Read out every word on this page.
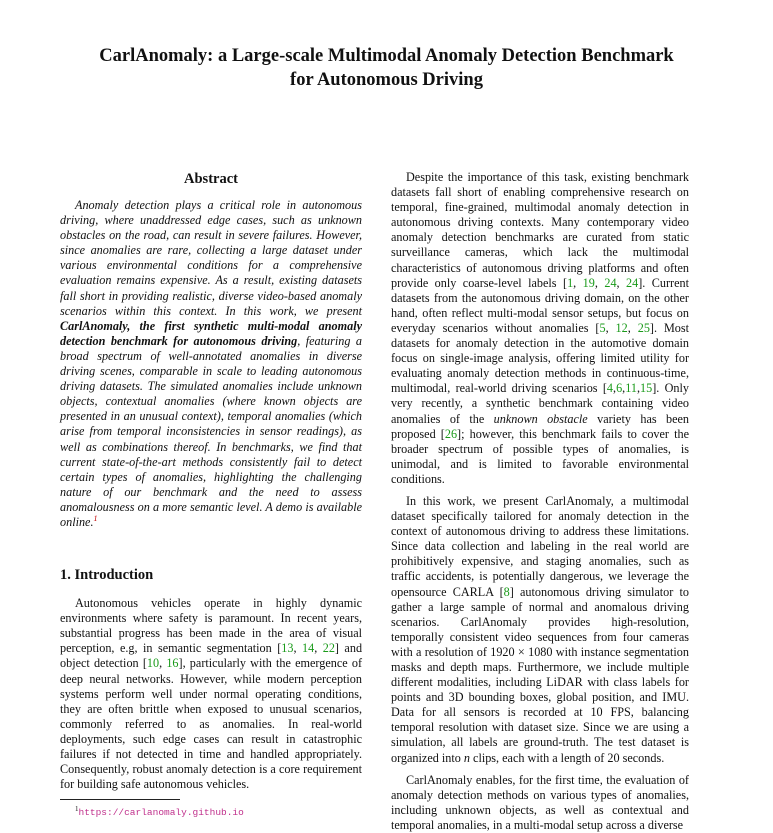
CarlAnomaly: a Large-scale Multimodal Anomaly Detection Benchmark
for Autonomous Driving
Abstract

Anomaly detection plays a critical role in autonomous driving, where unaddressed edge cases, such as unknown obstacles on the road, can result in severe failures. However, since anomalies are rare, collecting a large dataset under various environmental conditions for a comprehensive evaluation remains expensive. As a result, existing datasets fall short in providing realistic, diverse video-based anomaly scenarios within this context. In this work, we present CarlAnomaly, the first synthetic multi-modal anomaly detection benchmark for autonomous driving, featuring a broad spectrum of well-annotated anomalies in diverse driving scenes, comparable in scale to leading autonomous driving datasets. The simulated anomalies include unknown objects, contextual anomalies (where known objects are presented in an unusual context), temporal anomalies (which arise from temporal inconsistencies in sensor readings), as well as combinations thereof. In benchmarks, we find that current state-of-the-art methods consistently fail to detect certain types of anomalies, highlighting the challenging nature of our benchmark and the need to assess anomalousness on a more semantic level. A demo is available online.$^1$

1. Introduction

Autonomous vehicles operate in highly dynamic environments where safety is paramount. In recent years, substantial progress has been made in the area of visual perception, e.g, in semantic segmentation [13, 14, 22] and object detection [10, 16], particularly with the emergence of deep neural networks. However, while modern perception systems perform well under normal operating conditions, they are often brittle when exposed to unusual scenarios, commonly referred to as anomalies. In real-world deployments, such edge cases can result in catastrophic failures if not detected in time and handled appropriately. Consequently, robust anomaly detection is a core requirement for building safe autonomous vehicles.

Despite the importance of this task, existing benchmark datasets fall short of enabling comprehensive research on temporal, fine-grained, multimodal anomaly detection in autonomous driving contexts. Many contemporary video anomaly detection benchmarks are curated from static surveillance cameras, which lack the multimodal characteristics of autonomous driving platforms and often provide only coarse-level labels [1, 19, 24, 24]. Current datasets from the autonomous driving domain, on the other hand, often reflect multi-modal sensor setups, but focus on everyday scenarios without anomalies [5, 12, 25]. Most datasets for anomaly detection in the automotive domain focus on single-image analysis, offering limited utility for evaluating anomaly detection methods in continuous-time, multimodal, real-world driving scenarios [4,6,11,15]. Only very recently, a synthetic benchmark containing video anomalies of the unknown obstacle variety has been proposed [26]; however, this benchmark fails to cover the broader spectrum of possible types of anomalies, is unimodal, and is limited to favorable environmental conditions.

In this work, we present CarlAnomaly, a multimodal dataset specifically tailored for anomaly detection in the context of autonomous driving to address these limitations. Since data collection and labeling in the real world are prohibitively expensive, and staging anomalies, such as traffic accidents, is potentially dangerous, we leverage the opensource CARLA [8] autonomous driving simulator to gather a large sample of normal and anomalous driving scenarios. CarlAnomaly provides high-resolution, temporally consistent video sequences from four cameras with a resolution of 1920 × 1080 with instance segmentation masks and depth maps. Furthermore, we include multiple different modalities, including LiDAR with class labels for points and 3D bounding boxes, global position, and IMU. Data for all sensors is recorded at 10 FPS, balancing temporal resolution with dataset size. Since we are using a simulation, all labels are ground-truth. The test dataset is organized into n clips, each with a length of 20 seconds.

CarlAnomaly enables, for the first time, the evaluation of anomaly detection methods on various types of anomalies, including unknown objects, as well as contextual and temporal anomalies, in a multi-modal setup across a diverse

$^1$https://carlanomaly.github.io
